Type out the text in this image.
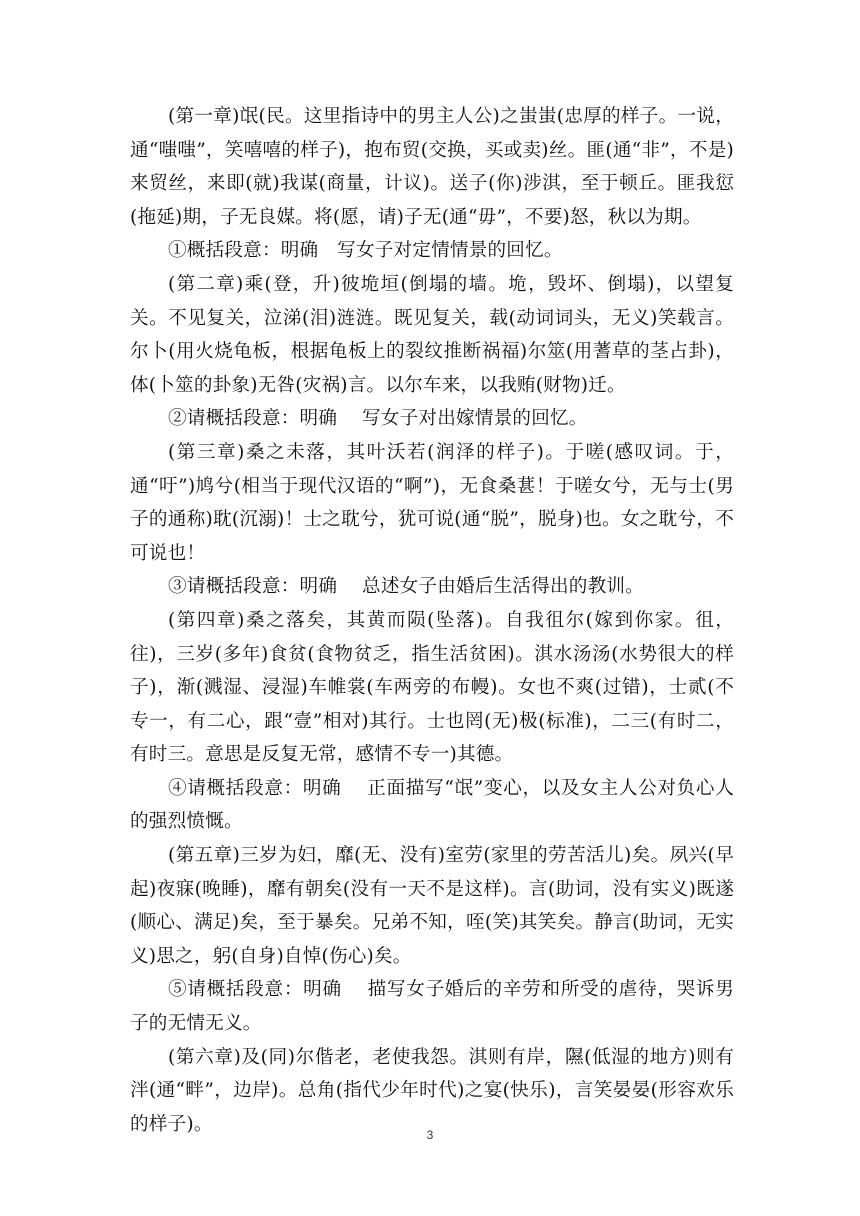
(第一章)氓(民。这里指诗中的男主人公)之蚩蚩(忠厚的样子。一说，通“嗤嗤”，笑嘻嘻的样子)，抱布贸(交换，买或卖)丝。匪(通“非”，不是)来贸丝，来即(就)我谋(商量，计议)。送子(你)涉淇，至于顿丘。匪我愆(拖延)期，子无良媒。将(愿，请)子无(通“毋”，不要)怒，秋以为期。

①概括段意：明确　写女子对定情情景的回忆。

(第二章)乘(登，升)彼垝垣(倒塌的墙。垝，毁坏、倒塌)，以望复关。不见复关，泣涕(泪)涟涟。既见复关，载(动词词头，无义)笑载言。尔卜(用火烧龟板，根据龟板上的裂纹推断祸福)尔筮(用蓍草的茎占卦)，体(卜筮的卦象)无咎(灾祸)言。以尔车来，以我贿(财物)迁。

②请概括段意：明确　 写女子对出嫁情景的回忆。

(第三章)桑之未落，其叶沃若(润泽的样子)。于嗟(感叹词。于，通“吁”)鸠兮(相当于现代汉语的“啊”)，无食桑葚！于嗟女兮，无与士(男子的通称)耽(沉溺)！士之耽兮，犹可说(通“脱”，脱身)也。女之耽兮，不可说也！

③请概括段意：明确　 总述女子由婚后生活得出的教训。

(第四章)桑之落矣，其黄而陨(坠落)。自我徂尔(嫁到你家。徂，往)，三岁(多年)食贫(食物贫乏，指生活贫困)。淇水汤汤(水势很大的样子)，渐(溅湿、浸湿)车帷裳(车两旁的布幔)。女也不爽(过错)，士贰(不专一，有二心，跟“壹”相对)其行。士也罔(无)极(标准)，二三(有时二，有时三。意思是反复无常，感情不专一)其德。

④请概括段意：明确　 正面描写“氓”变心，以及女主人公对负心人的强烈愤慨。

(第五章)三岁为妇，靡(无、没有)室劳(家里的劳苦活儿)矣。夙兴(早起)夜寐(晚睡)，靡有朝矣(没有一天不是这样)。言(助词，没有实义)既遂(顺心、满足)矣，至于暴矣。兄弟不知，咥(笑)其笑矣。静言(助词，无实义)思之，躬(自身)自悼(伤心)矣。

⑤请概括段意：明确　 描写女子婚后的辛劳和所受的虐待，哭诉男子的无情无义。

(第六章)及(同)尔偕老，老使我怨。淇则有岸，隰(低湿的地方)则有泮(通“畔”，边岸)。总角(指代少年时代)之宴(快乐)，言笑晏晏(形容欢乐的样子)。

3
